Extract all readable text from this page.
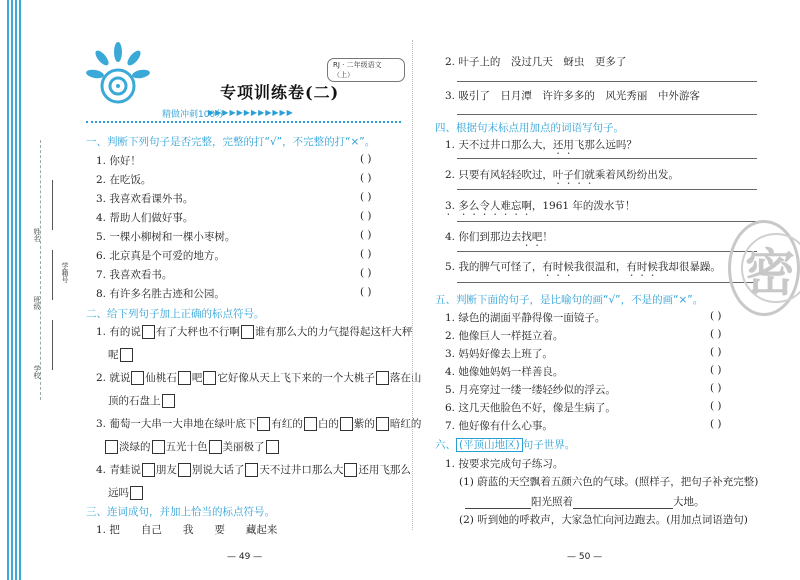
姓名
班级
学籍号
学校
RJ · 二年级语文（上）
专项训练卷(二)
精做冲刺100分
▶▶▶▶▶▶▶▶▶▶▶▶
一、判断下列句子是否完整，完整的打“√”，不完整的打“×”。
1. 你好！	( )
2. 在吃饭。	( )
3. 我喜欢看课外书。	( )
4. 帮助人们做好事。	( )
5. 一棵小柳树和一棵小枣树。	( )
6. 北京真是个可爱的地方。	( )
7. 我喜欢看书。	( )
8. 有许多名胜古迹和公园。	( )
二、给下列句子加上正确的标点符号。
1. 有的说 有了大秤也不行啊 谁有那么大的力气提得起这杆大秤
呢
2. 就说 仙桃石 吧 它好像从天上飞下来的一个大桃子 落在山
顶的石盘上
3. 葡萄一大串一大串地在绿叶底下 有红的 白的 紫的 暗红的
淡绿的 五光十色 美丽极了
4. 青蛙说 朋友 别说大话了 天不过井口那么大 还用飞那么
远吗
三、连词成句，并加上恰当的标点符号。
1. 把　　自己　　我　　要　　藏起来
— 49 —
2. 叶子上的　没过几天　蚜虫　更多了
3. 吸引了　日月潭　许许多多的　风光秀丽　中外游客
四、根据句末标点用加点的词语写句子。
1. 天不过井口那么大，还用飞那么远吗？
2. 只要有风轻轻吹过，叶子们就乘着风纷纷出发。
3. 多么令人难忘啊，1961 年的泼水节！
4. 你们到那边去找吧！
5. 我的脾气可怪了，有时候我很温和，有时候我却很暴躁。
五、判断下面的句子，是比喻句的画“√”，不是的画“×”。
1. 绿色的湖面平静得像一面镜子。	( )
2. 他像巨人一样挺立着。	( )
3. 妈妈好像去上班了。	( )
4. 她像她妈妈一样善良。	( )
5. 月亮穿过一缕一缕轻纱似的浮云。	( )
6. 这几天他脸色不好，像是生病了。	( )
7. 他好像有什么心事。	( )
六、 (平顶山地区) 句子世界。
1. 按要求完成句子练习。
(1) 蔚蓝的天空飘着五颜六色的气球。(照样子，把句子补充完整)
阳光照着	大地。
(2) 听到她的呼救声，大家急忙向河边跑去。(用加点词语造句)
— 50 —
密
